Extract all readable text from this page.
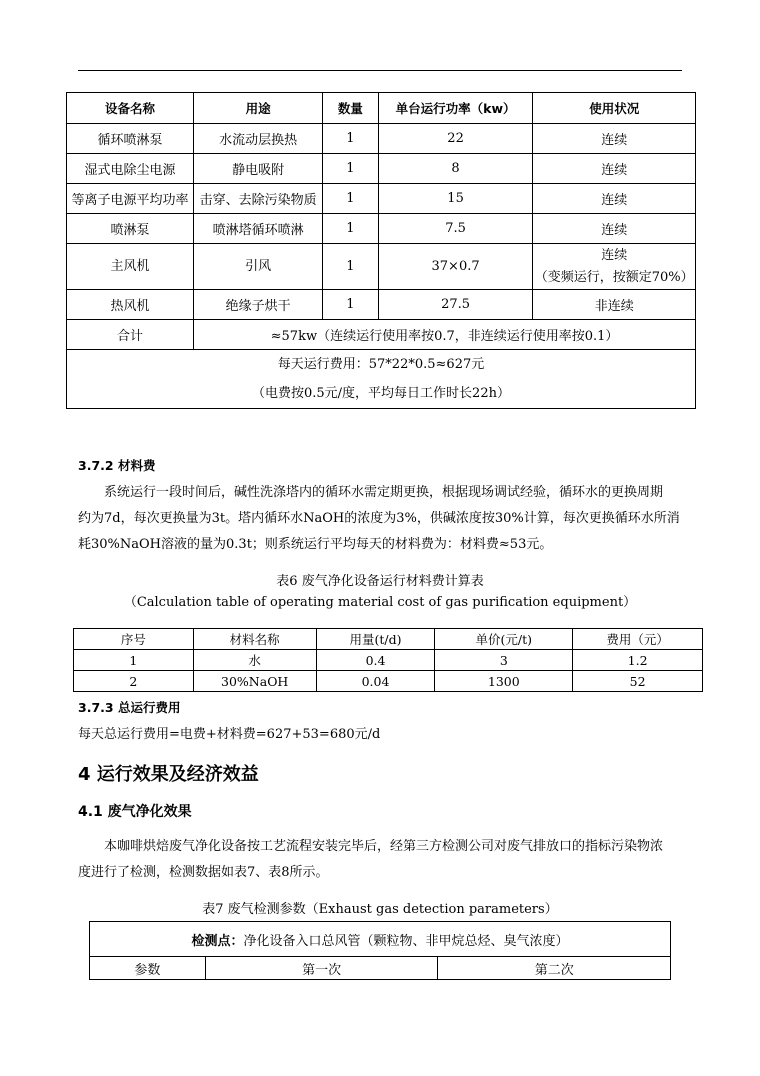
设备名称	用途	数量	单台运行功率（kw）	使用状况
循环喷淋泵	水流动层换热	1	22	连续
湿式电除尘电源	静电吸附	1	8	连续
等离子电源平均功率	击穿、去除污染物质	1	15	连续
喷淋泵	喷淋塔循环喷淋	1	7.5	连续
主风机	引风	1	37×0.7	连续
（变频运行，按额定70%）

热风机	绝缘子烘干	1	27.5	非连续
合计	≈57kw（连续运行使用率按0.7，非连续运行使用率按0.1）			

每天运行费用：57*22*0.5≈627元
（电费按0.5元/度，平均每日工作时长22h）				
3.7.2 材料费
系统运行一段时间后，碱性洗涤塔内的循环水需定期更换，根据现场调试经验，循环水的更换周期
约为7d，每次更换量为3t。塔内循环水NaOH的浓度为3%，供碱浓度按30%计算，每次更换循环水所消
耗30%NaOH溶液的量为0.3t；则系统运行平均每天的材料费为：材料费≈53元。
表6 废气净化设备运行材料费计算表
（Calculation table of operating material cost of gas purification equipment）
序号	材料名称	用量(t/d)	单价(元/t)	费用（元）
1	水	0.4	3	1.2
2	30%NaOH	0.04	1300	52
3.7.3 总运行费用
每天总运行费用=电费+材料费=627+53=680元/d
4 运行效果及经济效益
4.1 废气净化效果
本咖啡烘焙废气净化设备按工艺流程安装完毕后，经第三方检测公司对废气排放口的指标污染物浓
度进行了检测，检测数据如表7、表8所示。
表7 废气检测参数（Exhaust gas detection parameters）
检测点：净化设备入口总风管（颗粒物、非甲烷总烃、臭气浓度）
参数	第一次	第二次
